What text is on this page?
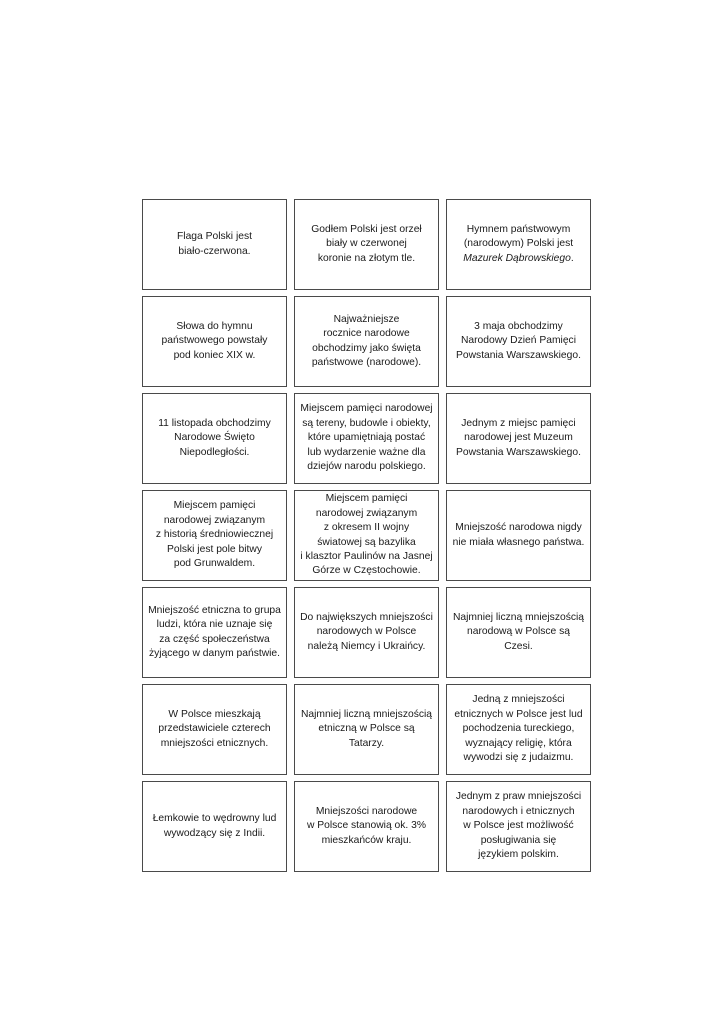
Flaga Polski jest
biało-czerwona.
Godłem Polski jest orzeł
biały w czerwonej
koronie na złotym tle.
Hymnem państwowym
(narodowym) Polski jest
Mazurek Dąbrowskiego.
Słowa do hymnu
państwowego powstały
pod koniec XIX w.
Najważniejsze
rocznice narodowe
obchodzimy jako święta
państwowe (narodowe).
3 maja obchodzimy
Narodowy Dzień Pamięci
Powstania Warszawskiego.
11 listopada obchodzimy
Narodowe Święto
Niepodległości.
Miejscem pamięci narodowej
są tereny, budowle i obiekty,
które upamiętniają postać
lub wydarzenie ważne dla
dziejów narodu polskiego.
Jednym z miejsc pamięci
narodowej jest Muzeum
Powstania Warszawskiego.
Miejscem pamięci
narodowej związanym
z historią średniowiecznej
Polski jest pole bitwy
pod Grunwaldem.
Miejscem pamięci
narodowej związanym
z okresem II wojny
światowej są bazylika
i klasztor Paulinów na Jasnej
Górze w Częstochowie.
Mniejszość narodowa nigdy
nie miała własnego państwa.
Mniejszość etniczna to grupa
ludzi, która nie uznaje się
za część społeczeństwa
żyjącego w danym państwie.
Do największych mniejszości
narodowych w Polsce
należą Niemcy i Ukraińcy.
Najmniej liczną mniejszością
narodową w Polsce są Czesi.
W Polsce mieszkają
przedstawiciele czterech
mniejszości etnicznych.
Najmniej liczną mniejszością
etniczną w Polsce są Tatarzy.
Jedną z mniejszości
etnicznych w Polsce jest lud
pochodzenia tureckiego,
wyznający religię, która
wywodzi się z judaizmu.
Łemkowie to wędrowny lud
wywodzący się z Indii.
Mniejszości narodowe
w Polsce stanowią ok. 3%
mieszkańców kraju.
Jednym z praw mniejszości
narodowych i etnicznych
w Polsce jest możliwość
posługiwania się
językiem polskim.
